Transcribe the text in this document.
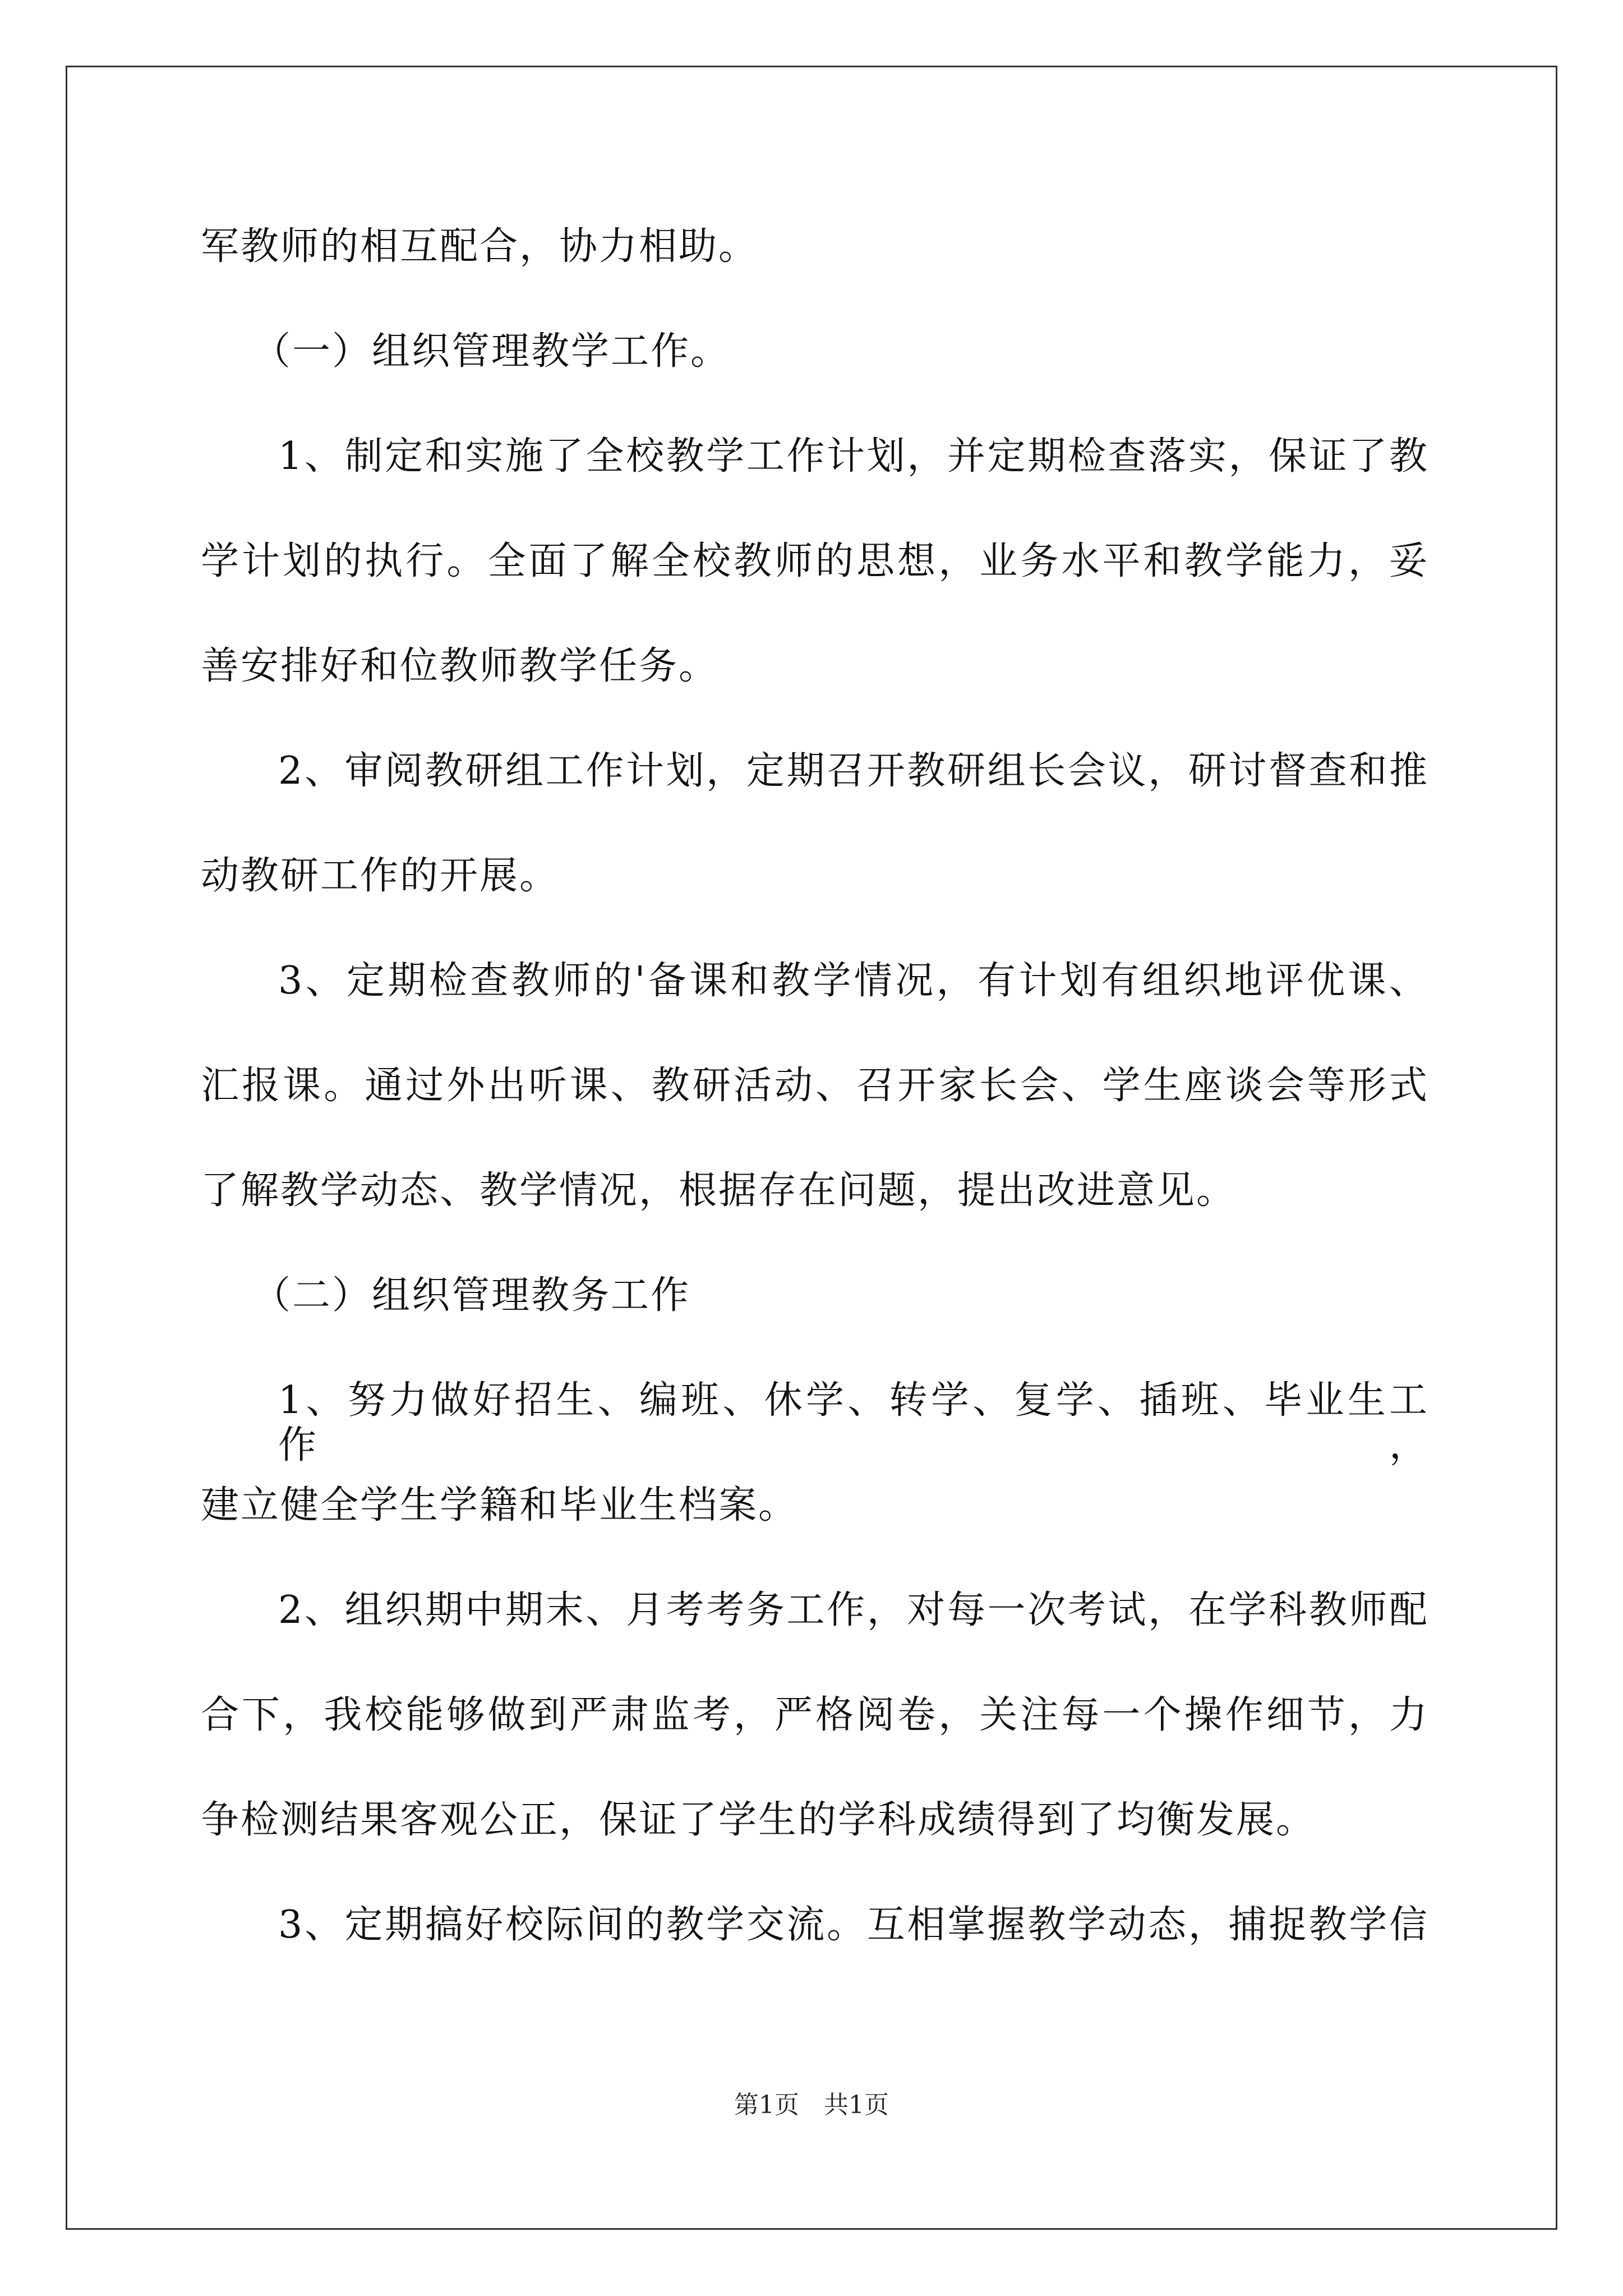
军教师的相互配合，协力相助。
（一）组织管理教学工作。
1、制定和实施了全校教学工作计划，并定期检查落实，保证了教
学计划的执行。全面了解全校教师的思想，业务水平和教学能力，妥
善安排好和位教师教学任务。
2、审阅教研组工作计划，定期召开教研组长会议，研讨督查和推
动教研工作的开展。
3、定期检查教师的'备课和教学情况，有计划有组织地评优课、
汇报课。通过外出听课、教研活动、召开家长会、学生座谈会等形式
了解教学动态、教学情况，根据存在问题，提出改进意见。
（二）组织管理教务工作
1、努力做好招生、编班、休学、转学、复学、插班、毕业生工作，
建立健全学生学籍和毕业生档案。
2、组织期中期末、月考考务工作，对每一次考试，在学科教师配
合下，我校能够做到严肃监考，严格阅卷，关注每一个操作细节，力
争检测结果客观公正，保证了学生的学科成绩得到了均衡发展。
3、定期搞好校际间的教学交流。互相掌握教学动态，捕捉教学信
第1页　共1页
